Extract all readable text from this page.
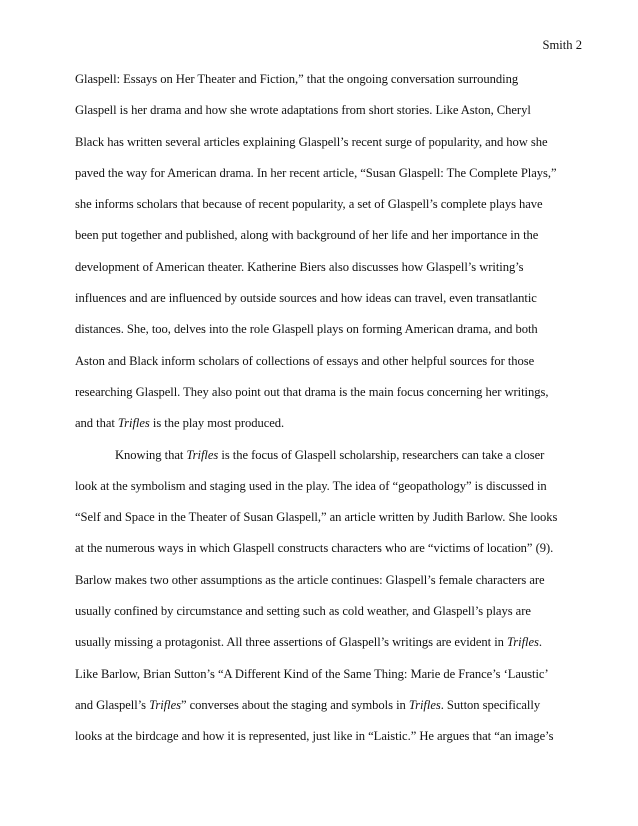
Smith 2
Glaspell: Essays on Her Theater and Fiction,” that the ongoing conversation surrounding
Glaspell is her drama and how she wrote adaptations from short stories. Like Aston, Cheryl
Black has written several articles explaining Glaspell’s recent surge of popularity, and how she
paved the way for American drama. In her recent article, “Susan Glaspell: The Complete Plays,”
she informs scholars that because of recent popularity, a set of Glaspell’s complete plays have
been put together and published, along with background of her life and her importance in the
development of American theater. Katherine Biers also discusses how Glaspell’s writing’s
influences and are influenced by outside sources and how ideas can travel, even transatlantic
distances. She, too, delves into the role Glaspell plays on forming American drama, and both
Aston and Black inform scholars of collections of essays and other helpful sources for those
researching Glaspell. They also point out that drama is the main focus concerning her writings,
and that Trifles is the play most produced.
Knowing that Trifles is the focus of Glaspell scholarship, researchers can take a closer
look at the symbolism and staging used in the play. The idea of “geopathology” is discussed in
“Self and Space in the Theater of Susan Glaspell,” an article written by Judith Barlow. She looks
at the numerous ways in which Glaspell constructs characters who are “victims of location” (9).
Barlow makes two other assumptions as the article continues: Glaspell’s female characters are
usually confined by circumstance and setting such as cold weather, and Glaspell’s plays are
usually missing a protagonist. All three assertions of Glaspell’s writings are evident in Trifles.
Like Barlow, Brian Sutton’s “A Different Kind of the Same Thing: Marie de France’s ‘Laustic’
and Glaspell’s Trifles” converses about the staging and symbols in Trifles. Sutton specifically
looks at the birdcage and how it is represented, just like in “Laistic.” He argues that “an image’s
